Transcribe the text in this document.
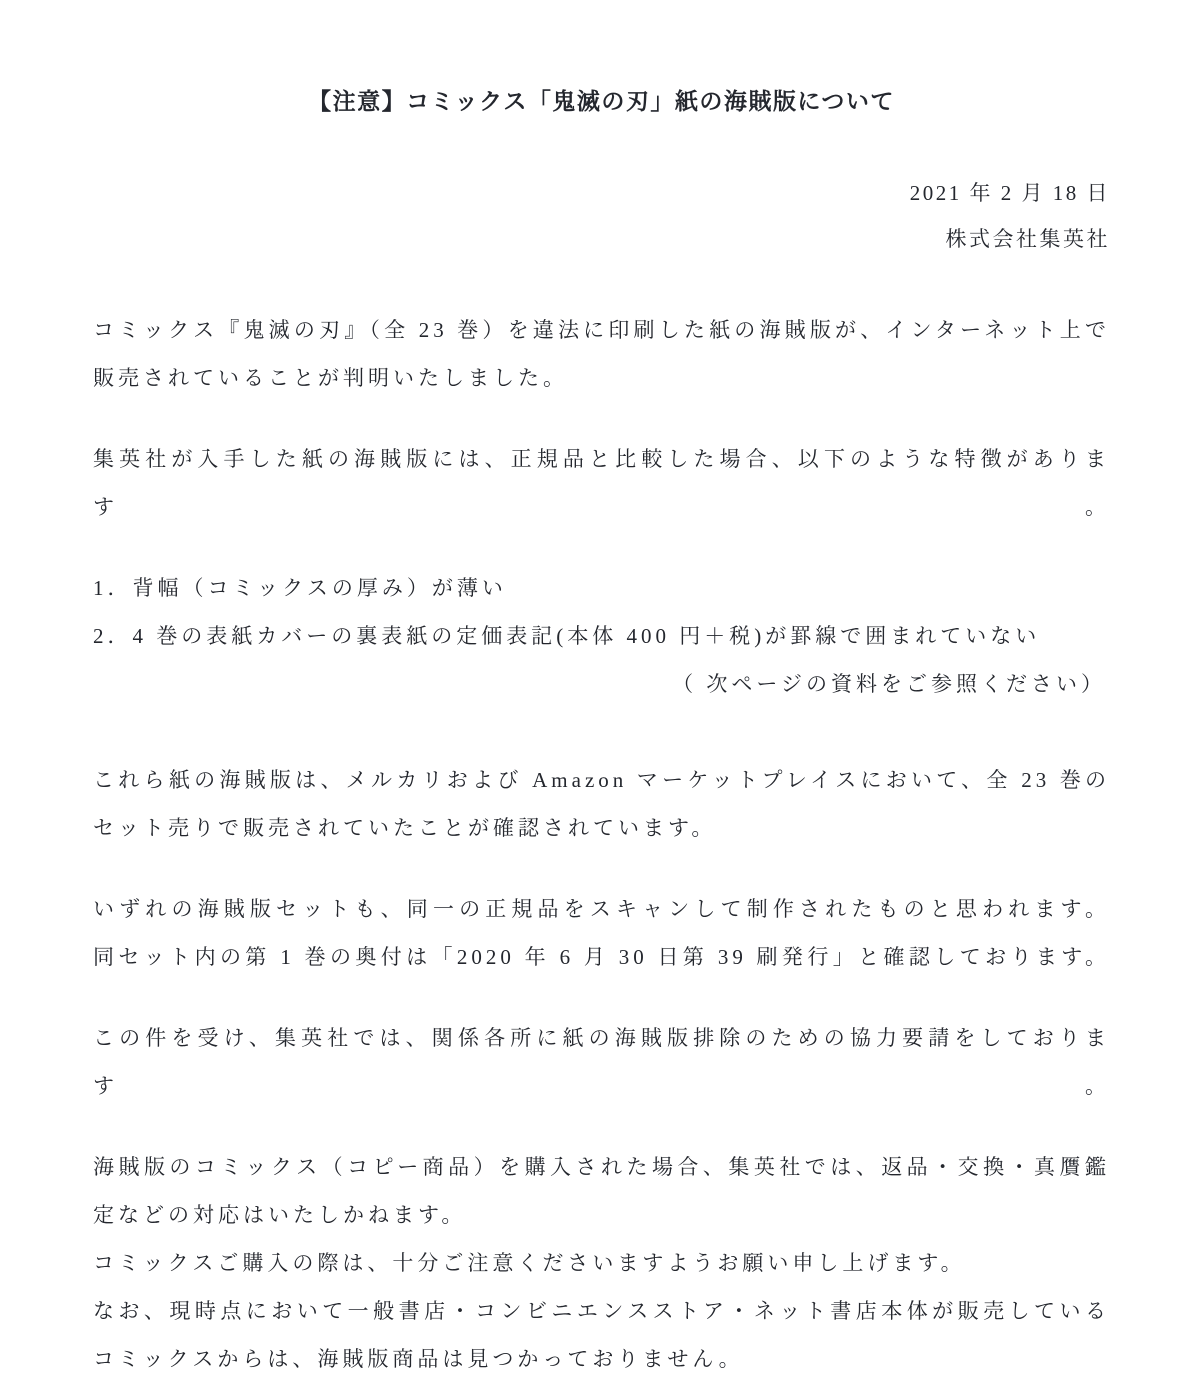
【注意】コミックス「鬼滅の刃」紙の海賊版について
2021 年 2 月 18 日
株式会社集英社
コミックス『鬼滅の刃』（全 23 巻）を違法に印刷した紙の海賊版が、インターネット上で
販売されていることが判明いたしました。
集英社が入手した紙の海賊版には、正規品と比較した場合、以下のような特徴があります。
1．背幅（コミックスの厚み）が薄い
2．4 巻の表紙カバーの裏表紙の定価表記(本体 400 円＋税)が罫線で囲まれていない
（ 次ページの資料をご参照ください）
これら紙の海賊版は、メルカリおよび Amazon マーケットプレイスにおいて、全 23 巻の
セット売りで販売されていたことが確認されています。
いずれの海賊版セットも、同一の正規品をスキャンして制作されたものと思われます。
同セット内の第 1 巻の奥付は「2020 年 6 月 30 日第 39 刷発行」と確認しております。
この件を受け、集英社では、関係各所に紙の海賊版排除のための協力要請をしております。
海賊版のコミックス（コピー商品）を購入された場合、集英社では、返品・交換・真贋鑑
定などの対応はいたしかねます。
コミックスご購入の際は、十分ご注意くださいますようお願い申し上げます。
なお、現時点において一般書店・コンビニエンスストア・ネット書店本体が販売している
コミックスからは、海賊版商品は見つかっておりません。
